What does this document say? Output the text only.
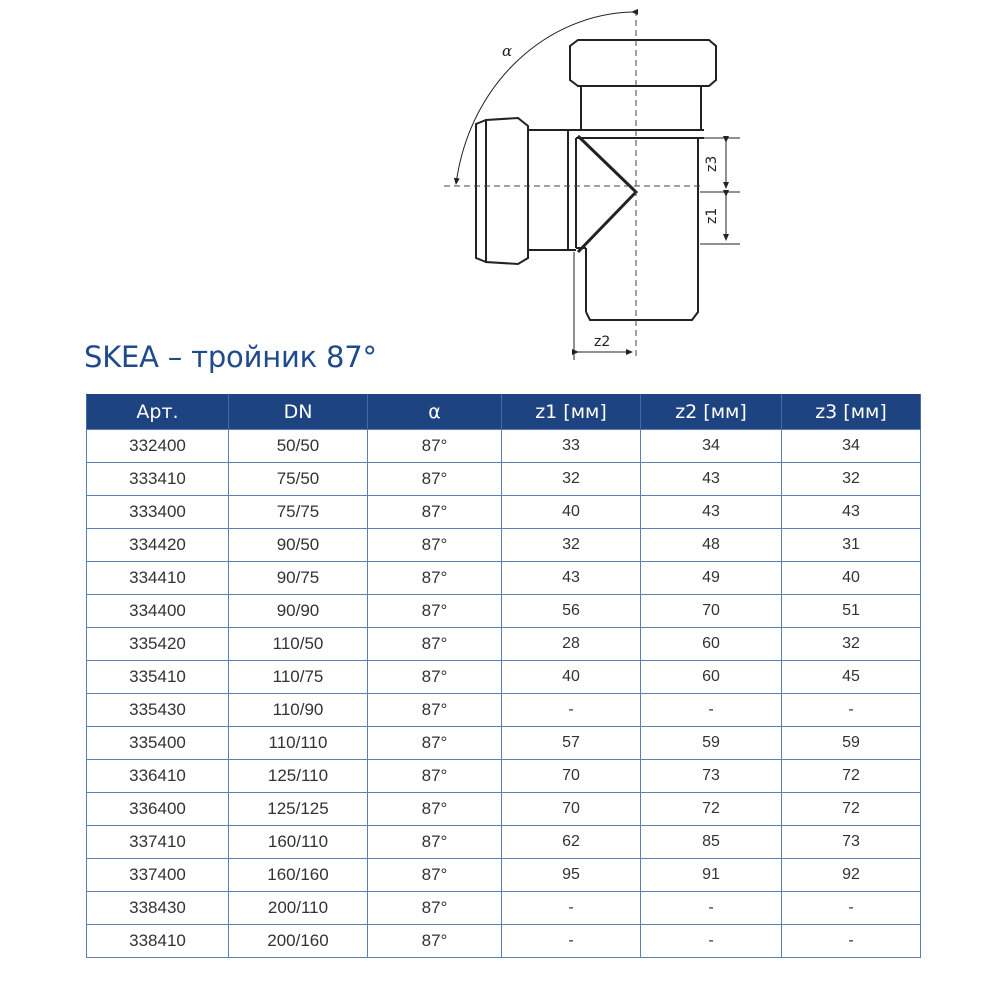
α
z3
z1
z2
SKEA – тройник 87°
Арт.	DN	α	z1 [мм]	z2 [мм]	z3 [мм]
332400	50/50	87°	33	34	34
333410	75/50	87°	32	43	32
333400	75/75	87°	40	43	43
334420	90/50	87°	32	48	31
334410	90/75	87°	43	49	40
334400	90/90	87°	56	70	51
335420	110/50	87°	28	60	32
335410	110/75	87°	40	60	45
335430	110/90	87°	-	-	-
335400	110/110	87°	57	59	59
336410	125/110	87°	70	73	72
336400	125/125	87°	70	72	72
337410	160/110	87°	62	85	73
337400	160/160	87°	95	91	92
338430	200/110	87°	-	-	-
338410	200/160	87°	-	-	-
